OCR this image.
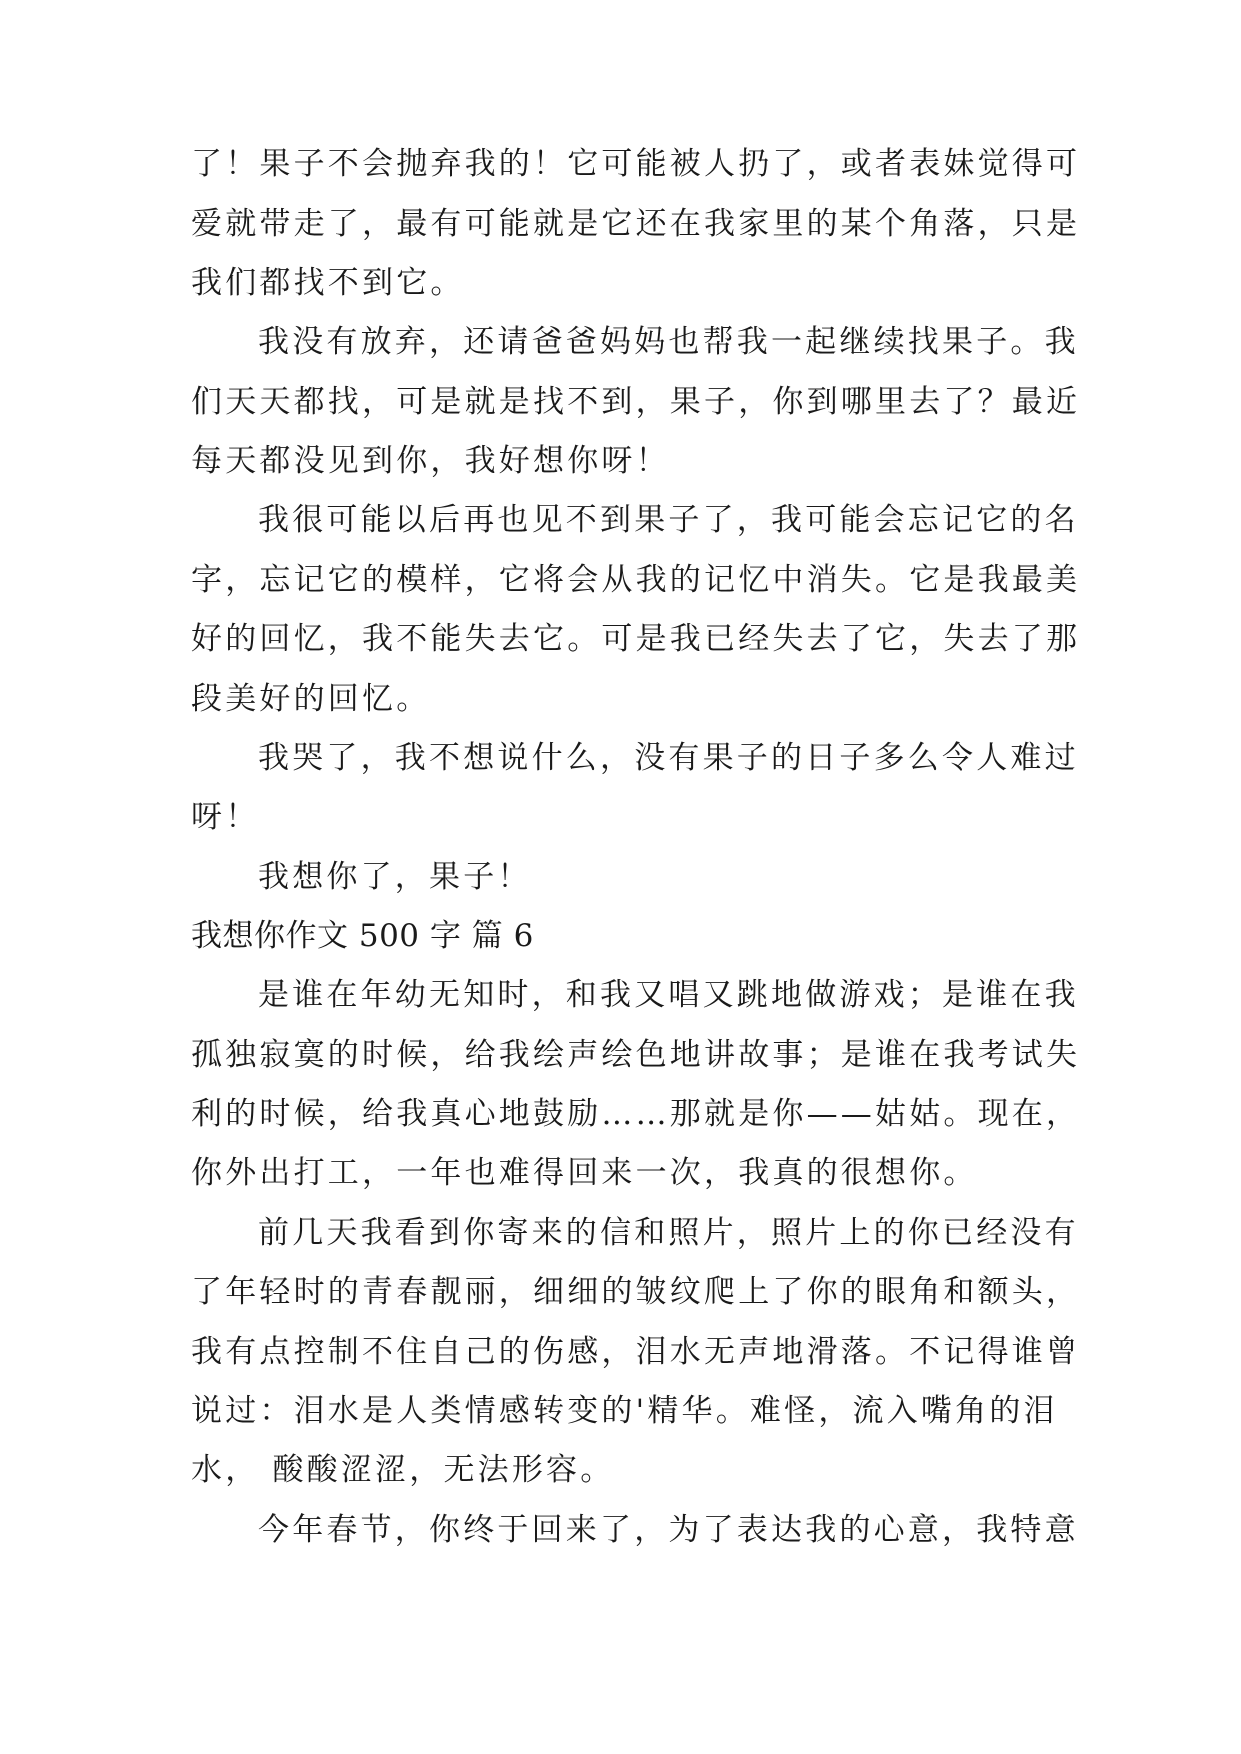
了！果子不会抛弃我的！它可能被人扔了，或者表妹觉得可
爱就带走了，最有可能就是它还在我家里的某个角落，只是
我们都找不到它。
我没有放弃，还请爸爸妈妈也帮我一起继续找果子。我
们天天都找，可是就是找不到，果子，你到哪里去了？最近
每天都没见到你，我好想你呀！
我很可能以后再也见不到果子了，我可能会忘记它的名
字，忘记它的模样，它将会从我的记忆中消失。它是我最美
好的回忆，我不能失去它。可是我已经失去了它，失去了那
段美好的回忆。
我哭了，我不想说什么，没有果子的日子多么令人难过
呀！
我想你了，果子！
我想你作文 500 字 篇 6
是谁在年幼无知时，和我又唱又跳地做游戏；是谁在我
孤独寂寞的时候，给我绘声绘色地讲故事；是谁在我考试失
利的时候，给我真心地鼓励……那就是你——姑姑。现在，
你外出打工，一年也难得回来一次，我真的很想你。
前几天我看到你寄来的信和照片，照片上的你已经没有
了年轻时的青春靓丽，细细的皱纹爬上了你的眼角和额头，
我有点控制不住自己的伤感，泪水无声地滑落。不记得谁曾
说过：泪水是人类情感转变的'精华。难怪，流入嘴角的泪
水， 酸酸涩涩，无法形容。
今年春节，你终于回来了，为了表达我的心意，我特意
